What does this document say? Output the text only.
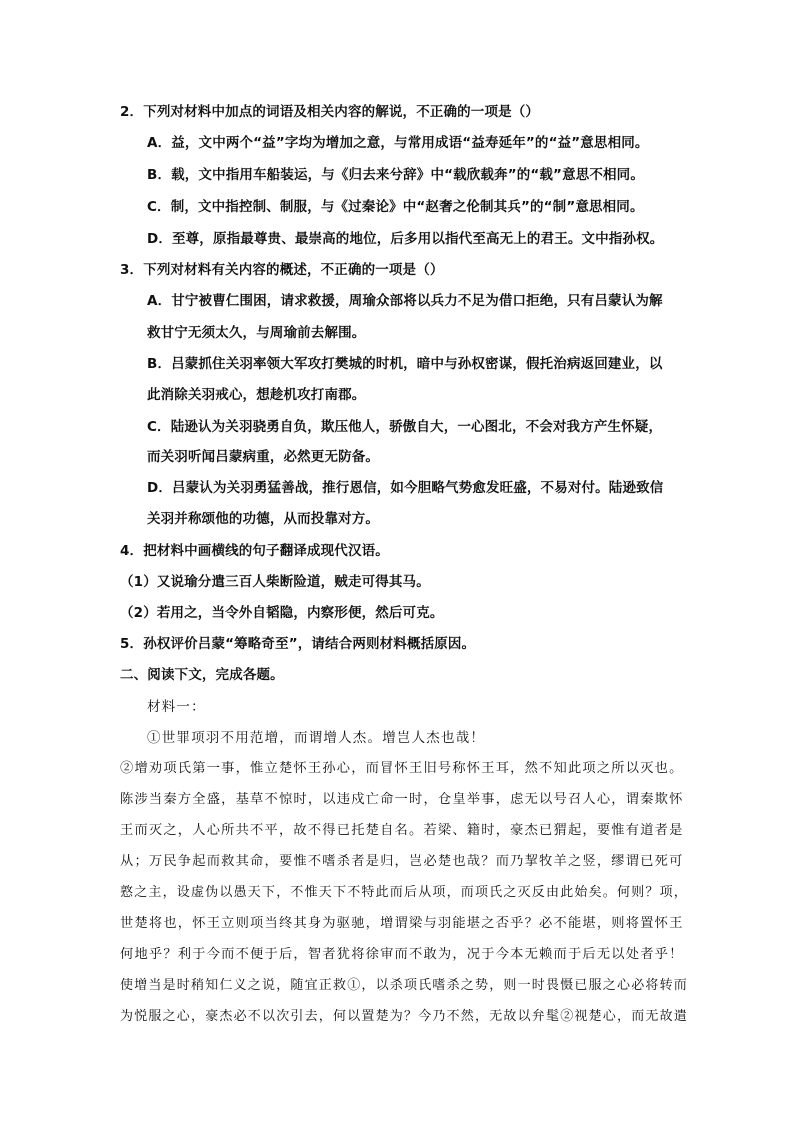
2．下列对材料中加点的词语及相关内容的解说，不正确的一项是（）
A．益，文中两个“益”字均为增加之意，与常用成语“益寿延年”的“益”意思相同。
B．载，文中指用车船装运，与《归去来兮辞》中“载欣载奔”的“载”意思不相同。
C．制，文中指控制、制服，与《过秦论》中“赵奢之伦制其兵”的“制”意思相同。
D．至尊，原指最尊贵、最崇高的地位，后多用以指代至高无上的君王。文中指孙权。
3．下列对材料有关内容的概述，不正确的一项是（）
A．甘宁被曹仁围困，请求救援，周瑜众部将以兵力不足为借口拒绝，只有吕蒙认为解
救甘宁无须太久，与周瑜前去解围。
B．吕蒙抓住关羽率领大军攻打樊城的时机，暗中与孙权密谋，假托治病返回建业，以
此消除关羽戒心，想趁机攻打南郡。
C．陆逊认为关羽骁勇自负，欺压他人，骄傲自大，一心图北，不会对我方产生怀疑，
而关羽听闻吕蒙病重，必然更无防备。
D．吕蒙认为关羽勇猛善战，推行恩信，如今胆略气势愈发旺盛，不易对付。陆逊致信
关羽并称颂他的功德，从而投靠对方。
4．把材料中画横线的句子翻译成现代汉语。
（1）又说瑜分遣三百人柴断险道，贼走可得其马。
（2）若用之，当令外自韬隐，内察形便，然后可克。
5．孙权评价吕蒙“筹略奇至”，请结合两则材料概括原因。
二、阅读下文，完成各题。
材料一：
①世罪项羽不用范增，而谓增人杰。增岂人杰也哉！
②增劝项氏第一事，惟立楚怀王孙心，而冒怀王旧号称怀王耳，然不知此项之所以灭也。
陈涉当秦方全盛，基草不惊时，以违戍亡命一时，仓皇举事，虑无以号召人心，谓秦欺怀
王而灭之，人心所共不平，故不得已托楚自名。若梁、籍时，豪杰已猬起，要惟有道者是
从；万民争起而救其命，要惟不嗜杀者是归，岂必楚也哉？而乃挈牧羊之竖，缪谓已死可
憝之主，设虚伪以愚天下，不惟天下不特此而后从项，而项氏之灭反由此始矣。何则？项，
世楚将也，怀王立则项当终其身为驱驰，增谓梁与羽能堪之否乎？必不能堪，则将置怀王
何地乎？利于今而不便于后，智者犹将徐审而不敢为，况于今本无赖而于后无以处者乎！
使增当是时稍知仁义之说，随宜正救①，以杀项氏嗜杀之势，则一时畏慑已服之心必将转而
为悦服之心，豪杰必不以次引去，何以置楚为？今乃不然，无故以弁髦②视楚心，而无故遣
